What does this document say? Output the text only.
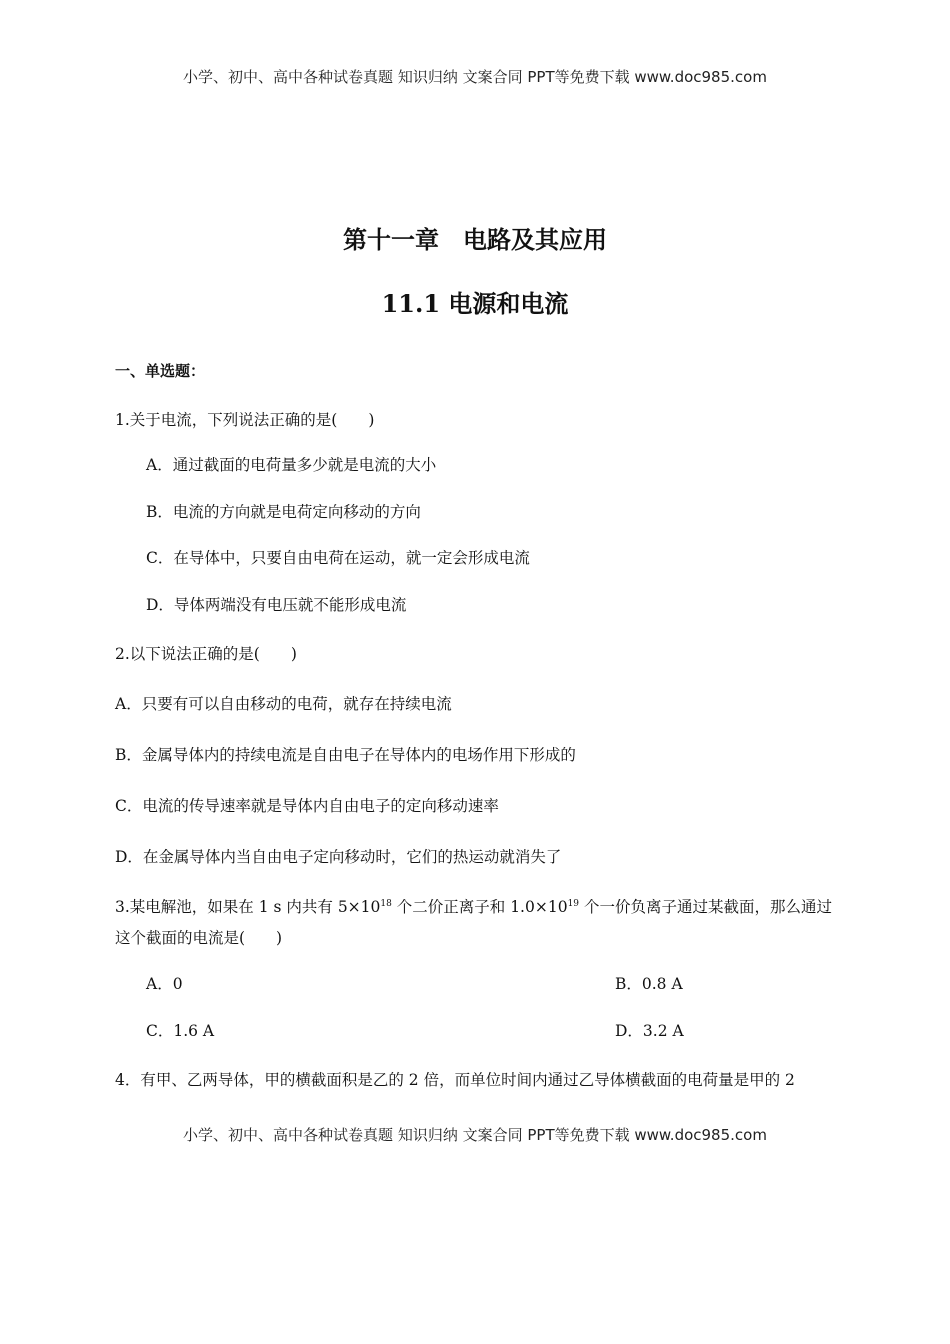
小学、初中、高中各种试卷真题 知识归纳 文案合同 PPT等免费下载 www.doc985.com
第十一章　电路及其应用
11.1 电源和电流
一、单选题：
1.关于电流，下列说法正确的是(　　)
A．通过截面的电荷量多少就是电流的大小
B．电流的方向就是电荷定向移动的方向
C．在导体中，只要自由电荷在运动，就一定会形成电流
D．导体两端没有电压就不能形成电流
2.以下说法正确的是(　　)
A．只要有可以自由移动的电荷，就存在持续电流
B．金属导体内的持续电流是自由电子在导体内的电场作用下形成的
C．电流的传导速率就是导体内自由电子的定向移动速率
D．在金属导体内当自由电子定向移动时，它们的热运动就消失了
3.某电解池，如果在 1 s 内共有 $5\times 10^{18}$ 个二价正离子和 $1.0\times 10^{19}$ 个一价负离子通过某截面，那么通过
这个截面的电流是(　　)
A．0	B．0.8 A
C．1.6 A	D．3.2 A
4．有甲、乙两导体，甲的横截面积是乙的 2 倍，而单位时间内通过乙导体横截面的电荷量是甲的 2
小学、初中、高中各种试卷真题 知识归纳 文案合同 PPT等免费下载 www.doc985.com
